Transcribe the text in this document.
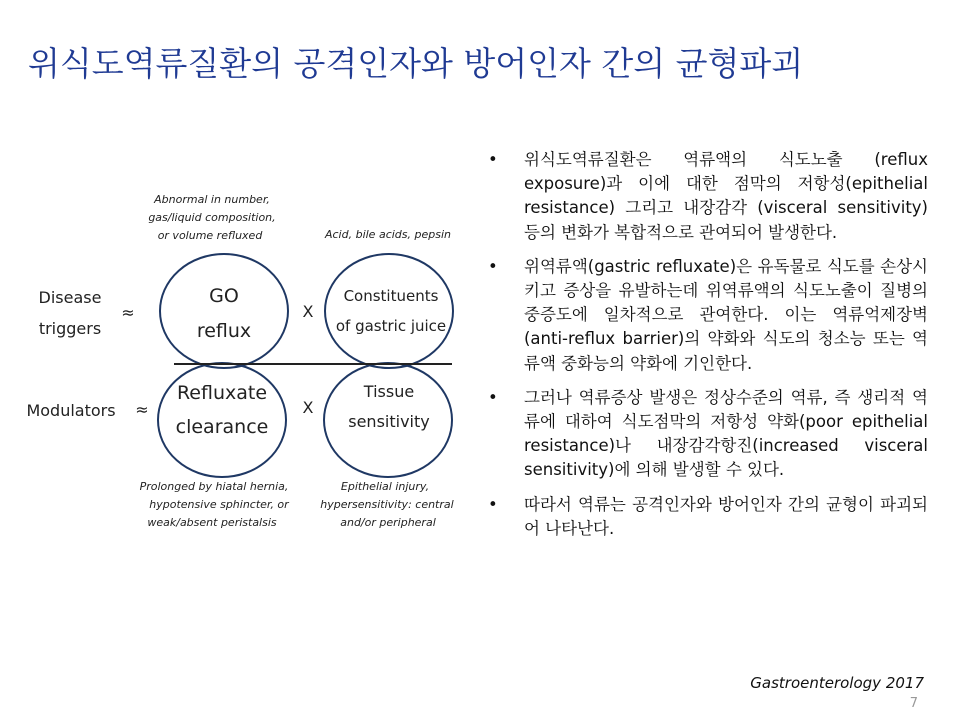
위식도역류질환의 공격인자와 방어인자 간의 균형파괴
Abnormal in number,
gas/liquid composition,
or volume refluxed	Acid, bile acids, pepsin
Disease
triggers
≈
Modulators ≈
GO
reflux
Constituents
of gastric juice
Refluxate
clearance
Tissue
sensitivity
X
X
Prolonged by hiatal hernia,
hypotensive sphincter, or
weak/absent peristalsis
Epithelial injury,
hypersensitivity: central
and/or peripheral
• 위식도역류질환은 역류액의 식도노출 (reflux exposure)과 이에 대한 점막의 저항성(epithelial resistance) 그리고 내장감각 (visceral sensitivity) 등의 변화가 복합적으로 관여되어 발생한다.
• 위역류액(gastric refluxate)은 유독물로 식도를 손상시키고 증상을 유발하는데 위역류액의 식도노출이 질병의 중증도에 일차적으로 관여한다. 이는 역류억제장벽(anti-reflux barrier)의 약화와 식도의 청소능 또는 역류액 중화능의 약화에 기인한다.
• 그러나 역류증상 발생은 정상수준의 역류, 즉 생리적 역류에 대하여 식도점막의 저항성 약화(poor epithelial resistance)나 내장감각항진(increased visceral sensitivity)에 의해 발생할 수 있다.
• 따라서 역류는 공격인자와 방어인자 간의 균형이 파괴되어 나타난다.
Gastroenterology 2017
7
